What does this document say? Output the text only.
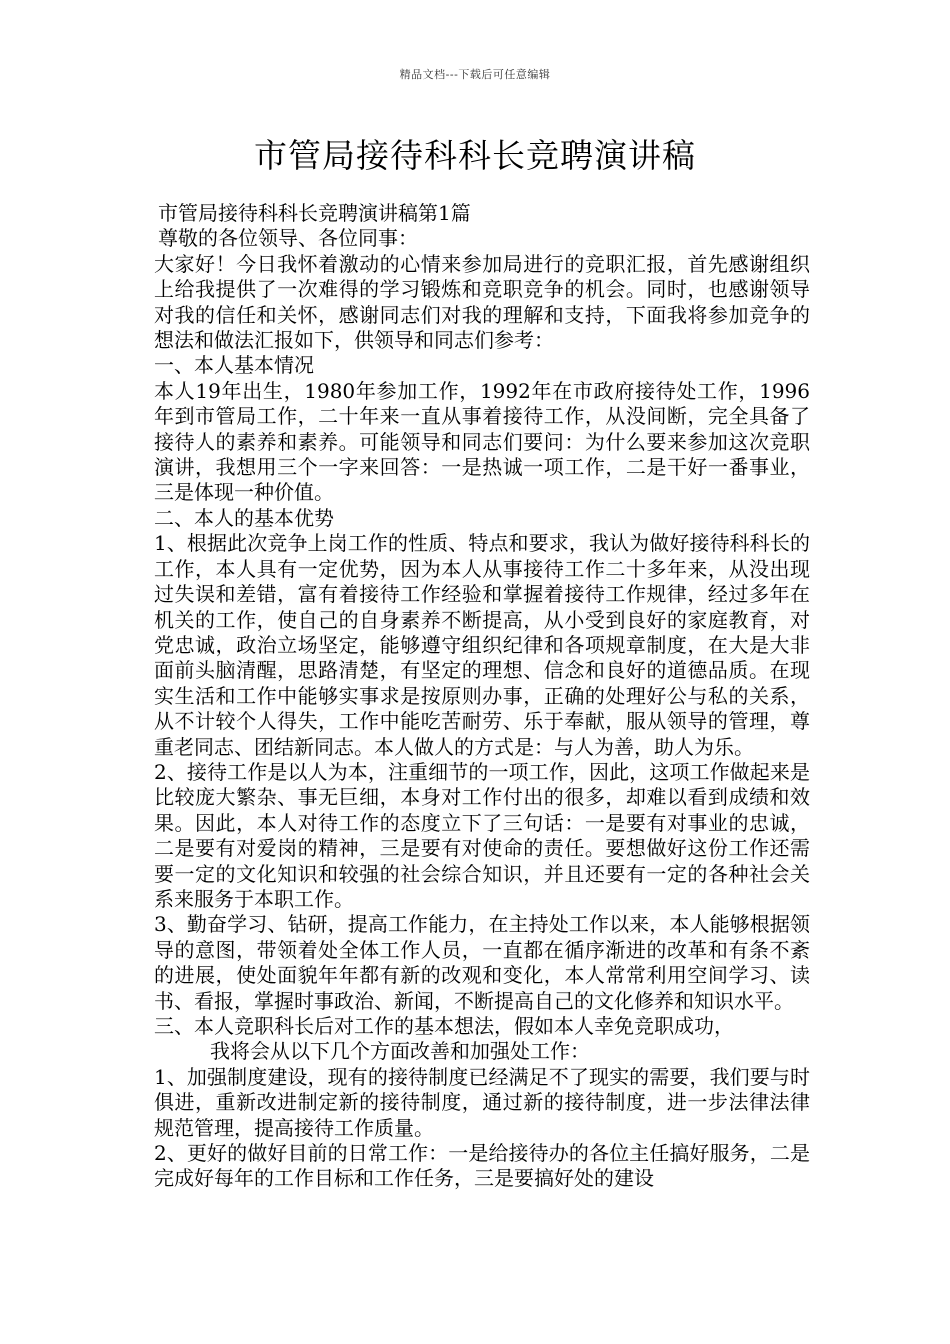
精品文档---下载后可任意编辑
市管局接待科科长竞聘演讲稿

市管局接待科科长竞聘演讲稿第1篇

尊敬的各位领导、各位同事：

大家好！今日我怀着激动的心情来参加局进行的竞职汇报，首先感谢组织 上给我提供了一次难得的学习锻炼和竞职竞争的机会。同时，也感谢领导对我的信任和关怀，感谢同志们对我的理解和支持，下面我将参加竞争的想法和做法汇报如下，供领导和同志们参考：

一、本人基本情况

本人19年出生，1980年参加工作，1992年在市政府接待处工作，1996年到市管局工作，二十年来一直从事着接待工作，从没间断，完全具备了接待人的素养和素养。可能领导和同志们要问：为什么要来参加这次竞职演讲，我想用三个一字来回答：一是热诚一项工作，二是干好一番事业，三是体现一种价值。

二、本人的基本优势

1、根据此次竞争上岗工作的性质、特点和要求，我认为做好接待科科长的工作，本人具有一定优势，因为本人从事接待工作二十多年来，从没出现过失误和差错，富有着接待工作经验和掌握着接待工作规律，经过多年在机关的工作，使自己的自身素养不断提高，从小受到良好的家庭教育，对党忠诚，政治立场坚定，能够遵守组织纪律和各项规章制度，在大是大非面前头脑清醒，思路清楚，有坚定的理想、信念和良好的道德品质。在现实生活和工作中能够实事求是按原则办事，正确的处理好公与私的关系，从不计较个人得失，工作中能吃苦耐劳、乐于奉献，服从领导的管理，尊重老同志、团结新同志。本人做人的方式是：与人为善，助人为乐。

2、接待工作是以人为本，注重细节的一项工作，因此，这项工作做起来是比较庞大繁杂、事无巨细，本身对工作付出的很多，却难以看到成绩和效果。因此，本人对待工作的态度立下了三句话：一是要有对事业的忠诚，二是要有对爱岗的精神，三是要有对使命的责任。要想做好这份工作还需要一定的文化知识和较强的社会综合知识，并且还要有一定的各种社会关系来服务于本职工作。

3、勤奋学习、钻研，提高工作能力，在主持处工作以来，本人能够根据领导的意图，带领着处全体工作人员，一直都在循序渐进的改革和有条不紊的进展，使处面貌年年都有新的改观和变化，本人常常利用空间学习、读书、看报，掌握时事政治、新闻，不断提高自己的文化修养和知识水平。

三、本人竞职科长后对工作的基本想法，假如本人幸免竞职成功，

我将会从以下几个方面改善和加强处工作：

1、加强制度建设，现有的接待制度已经满足不了现实的需要，我们要与时俱进，重新改进制定新的接待制度，通过新的接待制度，进一步法律法律规范管理，提高接待工作质量。

2、更好的做好目前的日常工作：一是给接待办的各位主任搞好服务，二是完成好每年的工作目标和工作任务，三是要搞好处的建设
